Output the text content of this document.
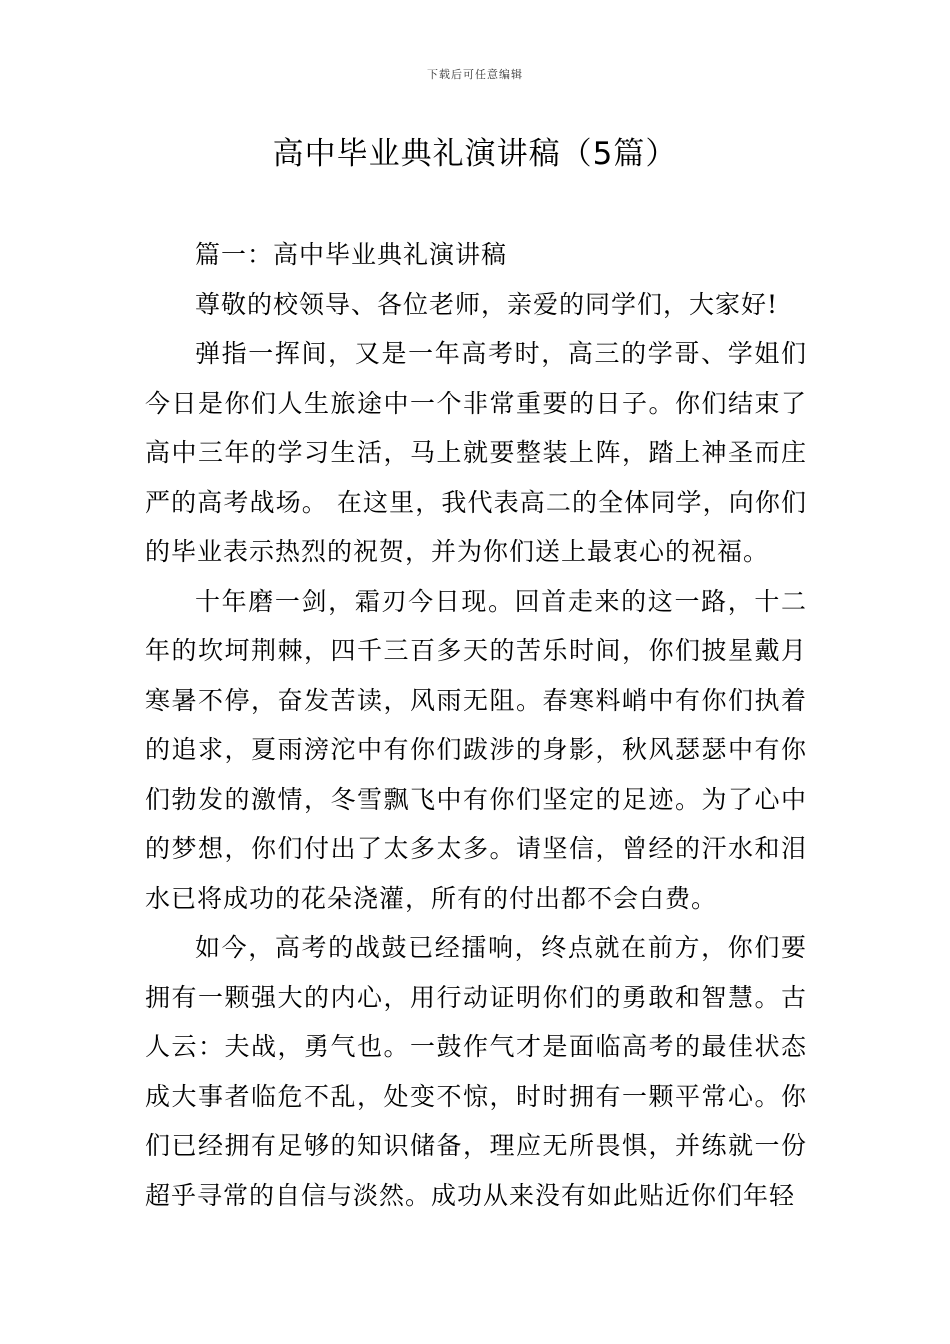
下载后可任意编辑
高中毕业典礼演讲稿（5篇）

篇一：高中毕业典礼演讲稿

尊敬的校领导、各位老师，亲爱的同学们，大家好!

弹指一挥间，又是一年高考时，高三的学哥、学姐们今日是你们人生旅途中一个非常重要的日子。你们结束了高中三年的学习生活，马上就要整装上阵，踏上神圣而庄严的高考战场。 在这里，我代表高二的全体同学，向你们的毕业表示热烈的祝贺，并为你们送上最衷心的祝福。

十年磨一剑，霜刃今日现。回首走来的这一路，十二年的坎坷荆棘，四千三百多天的苦乐时间，你们披星戴月寒暑不停，奋发苦读，风雨无阻。春寒料峭中有你们执着的追求，夏雨滂沱中有你们跋涉的身影，秋风瑟瑟中有你们勃发的激情，冬雪飘飞中有你们坚定的足迹。为了心中的梦想，你们付出了太多太多。请坚信，曾经的汗水和泪水已将成功的花朵浇灌，所有的付出都不会白费。

如今，高考的战鼓已经擂响，终点就在前方，你们要拥有一颗强大的内心，用行动证明你们的勇敢和智慧。古人云：夫战，勇气也。一鼓作气才是面临高考的最佳状态成大事者临危不乱，处变不惊，时时拥有一颗平常心。你们已经拥有足够的知识储备，理应无所畏惧，并练就一份超乎寻常的自信与淡然。成功从来没有如此贴近你们年轻
